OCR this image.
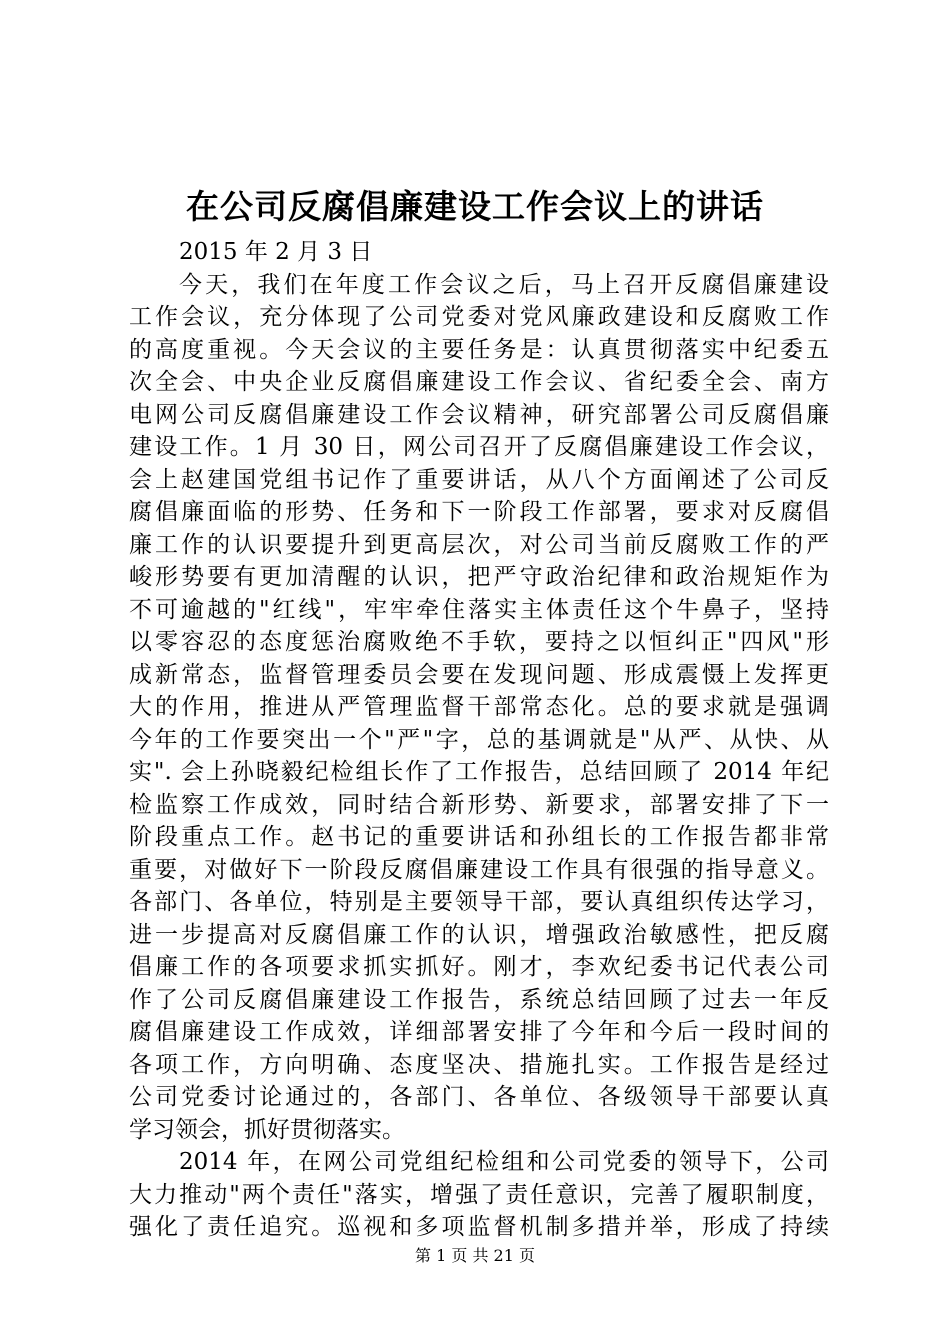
在公司反腐倡廉建设工作会议上的讲话
2015 年 2 月 3 日
今天，我们在年度工作会议之后，马上召开反腐倡廉建设
工作会议，充分体现了公司党委对党风廉政建设和反腐败工作
的高度重视。今天会议的主要任务是：认真贯彻落实中纪委五
次全会、中央企业反腐倡廉建设工作会议、省纪委全会、南方
电网公司反腐倡廉建设工作会议精神，研究部署公司反腐倡廉
建设工作。1 月 30 日，网公司召开了反腐倡廉建设工作会议，
会上赵建国党组书记作了重要讲话，从八个方面阐述了公司反
腐倡廉面临的形势、任务和下一阶段工作部署，要求对反腐倡
廉工作的认识要提升到更高层次，对公司当前反腐败工作的严
峻形势要有更加清醒的认识，把严守政治纪律和政治规矩作为
不可逾越的"红线"，牢牢牵住落实主体责任这个牛鼻子，坚持
以零容忍的态度惩治腐败绝不手软，要持之以恒纠正"四风"形
成新常态，监督管理委员会要在发现问题、形成震慑上发挥更
大的作用，推进从严管理监督干部常态化。总的要求就是强调
今年的工作要突出一个"严"字，总的基调就是"从严、从快、从
实". 会上孙晓毅纪检组长作了工作报告，总结回顾了 2014 年纪
检监察工作成效，同时结合新形势、新要求，部署安排了下一
阶段重点工作。赵书记的重要讲话和孙组长的工作报告都非常
重要，对做好下一阶段反腐倡廉建设工作具有很强的指导意义。
各部门、各单位，特别是主要领导干部，要认真组织传达学习，
进一步提高对反腐倡廉工作的认识，增强政治敏感性，把反腐
倡廉工作的各项要求抓实抓好。刚才，李欢纪委书记代表公司
作了公司反腐倡廉建设工作报告，系统总结回顾了过去一年反
腐倡廉建设工作成效，详细部署安排了今年和今后一段时间的
各项工作，方向明确、态度坚决、措施扎实。工作报告是经过
公司党委讨论通过的，各部门、各单位、各级领导干部要认真
学习领会，抓好贯彻落实。
2014 年，在网公司党组纪检组和公司党委的领导下，公司
大力推动"两个责任"落实，增强了责任意识，完善了履职制度，
强化了责任追究。巡视和多项监督机制多措并举，形成了持续
第 1 页 共 21 页
